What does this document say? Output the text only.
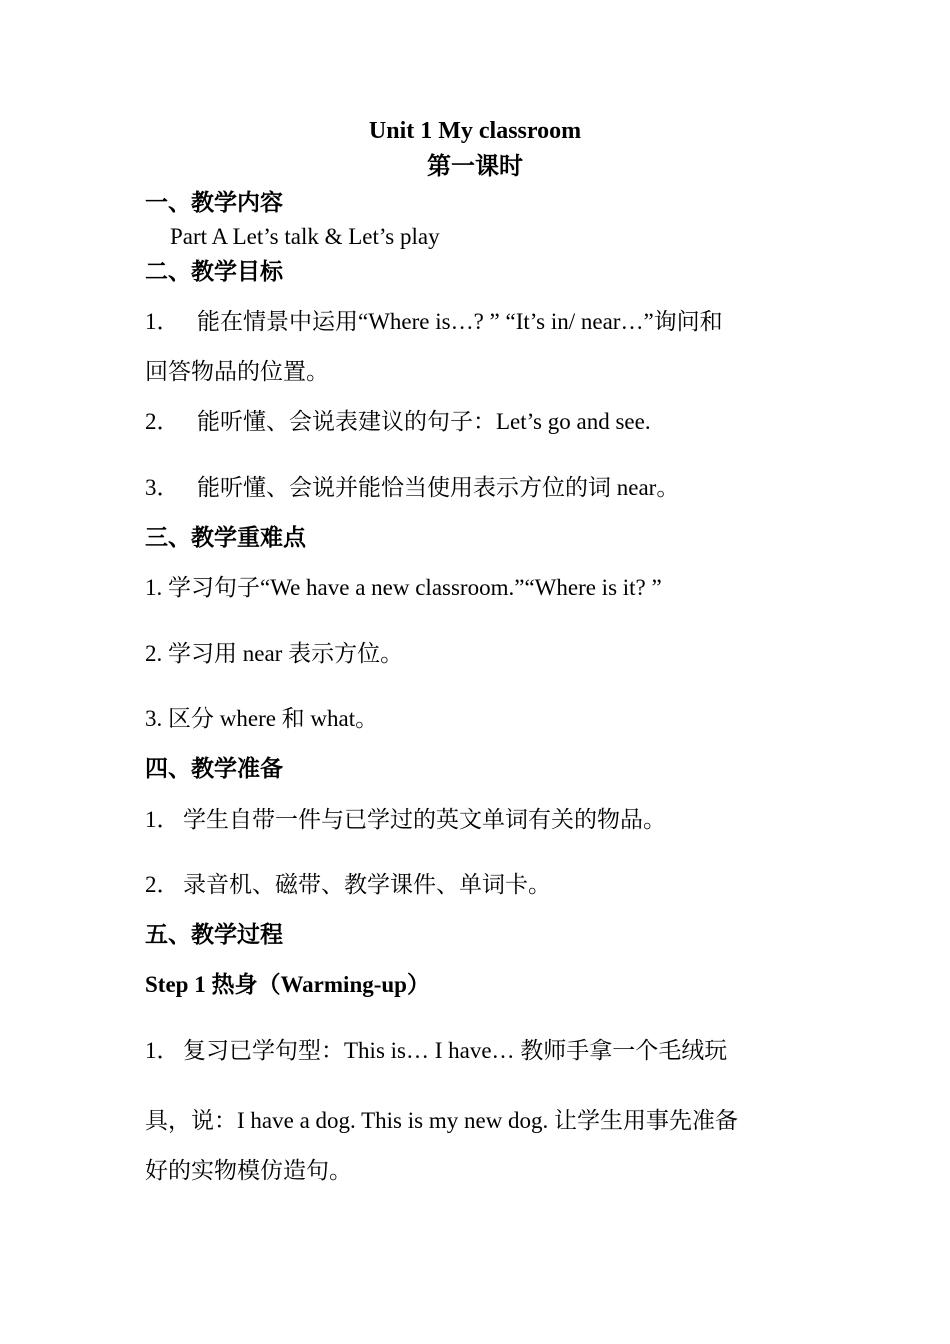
Unit 1 My classroom
第一课时
一、教学内容
Part A Let’s talk & Let’s play
二、教学目标
1． 能在情景中运用“Where is…? ” “It’s in/ near…”询问和
回答物品的位置。
2． 能听懂、会说表建议的句子：Let’s go and see.
3． 能听懂、会说并能恰当使用表示方位的词 near。
三、教学重难点
1. 学习句子“We have a new classroom.”“Where is it? ”
2. 学习用 near 表示方位。
3. 区分 where 和 what。
四、教学准备
1． 学生自带一件与已学过的英文单词有关的物品。
2． 录音机、磁带、教学课件、单词卡。
五、教学过程
Step 1 热身（Warming-up）
1． 复习已学句型：This is… I have… 教师手拿一个毛绒玩
具，说：I have a dog. This is my new dog. 让学生用事先准备
好的实物模仿造句。
